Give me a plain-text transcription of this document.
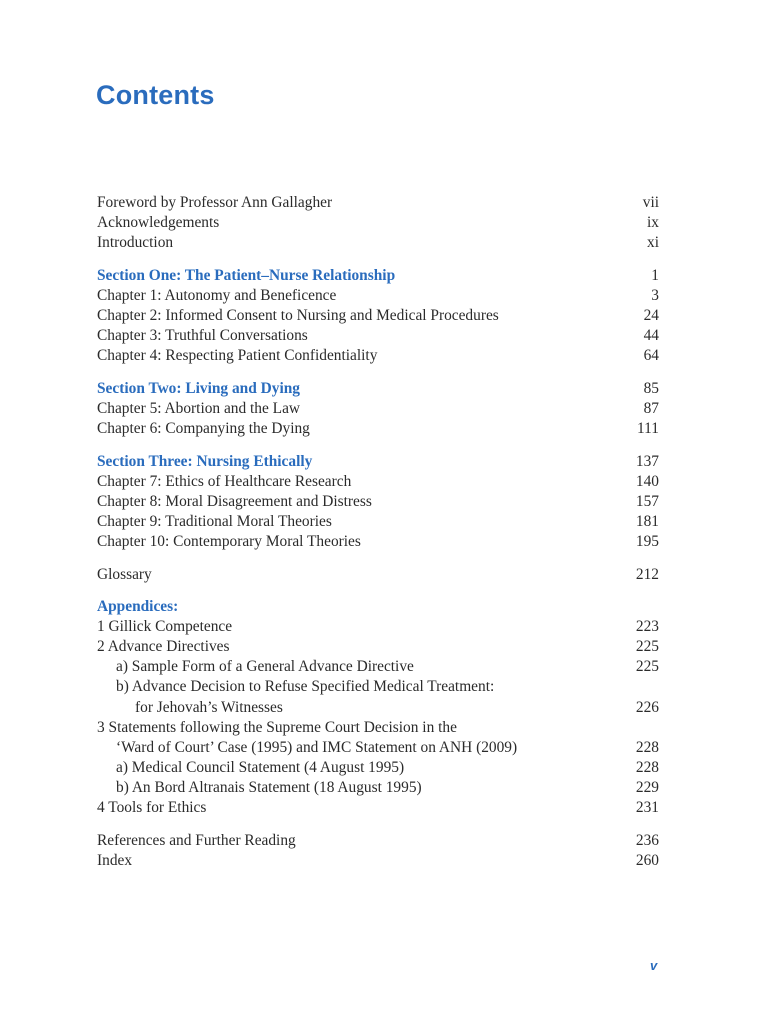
Contents
Foreword by Professor Ann Gallagher	vii
Acknowledgements	ix
Introduction	xi
Section One: The Patient–Nurse Relationship	1
Chapter 1: Autonomy and Beneficence	3
Chapter 2: Informed Consent to Nursing and Medical Procedures	24
Chapter 3: Truthful Conversations	44
Chapter 4: Respecting Patient Confidentiality	64
Section Two: Living and Dying	85
Chapter 5: Abortion and the Law	87
Chapter 6: Companying the Dying	111
Section Three: Nursing Ethically	137
Chapter 7: Ethics of Healthcare Research	140
Chapter 8: Moral Disagreement and Distress	157
Chapter 9: Traditional Moral Theories	181
Chapter 10: Contemporary Moral Theories	195
Glossary	212
Appendices:
1 Gillick Competence	223
2 Advance Directives	225
a) Sample Form of a General Advance Directive	225
b) Advance Decision to Refuse Specified Medical Treatment:
for Jehovah’s Witnesses	226
3 Statements following the Supreme Court Decision in the
‘Ward of Court’ Case (1995) and IMC Statement on ANH (2009)	228
a) Medical Council Statement (4 August 1995)	228
b) An Bord Altranais Statement (18 August 1995)	229
4 Tools for Ethics	231
References and Further Reading	236
Index	260

v
